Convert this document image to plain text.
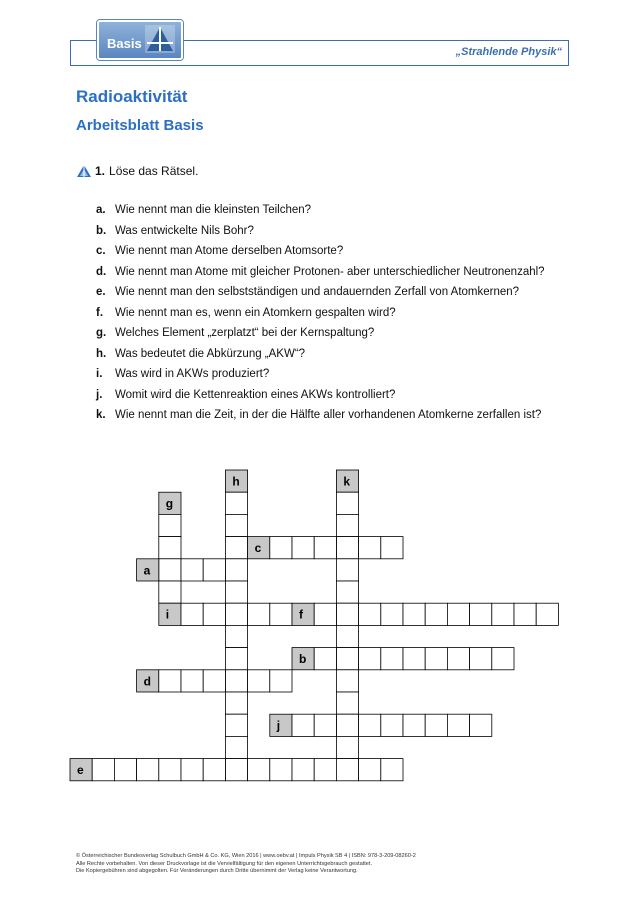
Basis
„Strahlende Physik“
Radioaktivität
Arbeitsblatt Basis
1. Löse das Rätsel.
a. Wie nennt man die kleinsten Teilchen?
b. Was entwickelte Nils Bohr?
c. Wie nennt man Atome derselben Atomsorte?
d. Wie nennt man Atome mit gleicher Protonen- aber unterschiedlicher Neutronenzahl?
e. Wie nennt man den selbstständigen und andauernden Zerfall von Atomkernen?
f.	Wie nennt man es, wenn ein Atomkern gespalten wird?
g. Welches Element „zerplatzt“ bei der Kernspaltung?
h. Was bedeutet die Abkürzung „AKW“?
i.	Was wird in AKWs produziert?
j.	Womit wird die Kettenreaktion eines AKWs kontrolliert?
k. Wie nennt man die Zeit, in der die Hälfte aller vorhandenen Atomkerne zerfallen ist?
h	k
g
c
a
i	f
b
d
j
e
© Österreichischer Bundesverlag Schulbuch GmbH & Co. KG, Wien 2016 | www.oebv.at | Impuls Physik SB 4 | ISBN: 978-3-209-08260-2
Alle Rechte vorbehalten. Von dieser Druckvorlage ist die Vervielfältigung für den eigenen Unterrichtsgebrauch gestattet.
Die Kopiergebühren sind abgegolten. Für Veränderungen durch Dritte übernimmt der Verlag keine Verantwortung.
